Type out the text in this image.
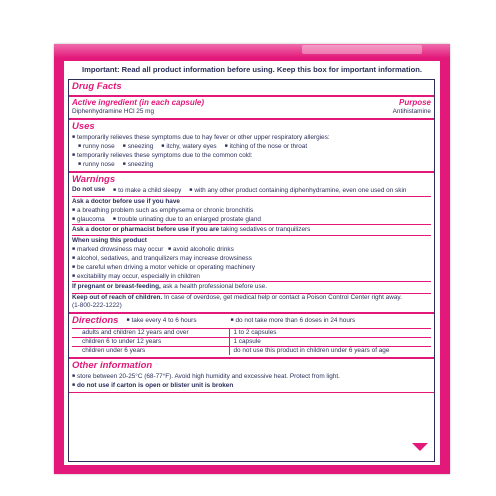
Important: Read all product information before using. Keep this box for important information.
Drug Facts
Active ingredient (in each capsule)	Purpose
Diphenhydramine HCl 25 mg	Antihistamine
Uses
■ temporarily relieves these symptoms due to hay fever or other upper respiratory allergies:
■ runny nose	■ sneezing	■ itchy, watery eyes	■ itching of the nose or throat
■ temporarily relieves these symptoms due to the common cold:
■ runny nose	■ sneezing
Warnings
Do not use	■ to make a child sleepy	■ with any other product containing diphenhydramine, even one used on skin
Ask a doctor before use if you have
■ a breathing problem such as emphysema or chronic bronchitis
■ glaucoma	■ trouble urinating due to an enlarged prostate gland
Ask a doctor or pharmacist before use if you are taking sedatives or tranquilizers
When using this product
■ marked drowsiness may occur	■ avoid alcoholic drinks
■ alcohol, sedatives, and tranquilizers may increase drowsiness
■ be careful when driving a motor vehicle or operating machinery
■ excitability may occur, especially in children
If pregnant or breast-feeding, ask a health professional before use.
Keep out of reach of children. In case of overdose, get medical help or contact a Poison Control Center right away.
(1-800-222-1222)
Directions	■ take every 4 to 6 hours	■ do not take more than 6 doses in 24 hours
adults and children 12 years and over	1 to 2 capsules
children 6 to under 12 years	1 capsule
children under 6 years	do not use this product in children under 6 years of age
Other information
■ store between 20-25°C (68-77°F). Avoid high humidity and excessive heat. Protect from light.
■ do not use if carton is open or blister unit is broken
